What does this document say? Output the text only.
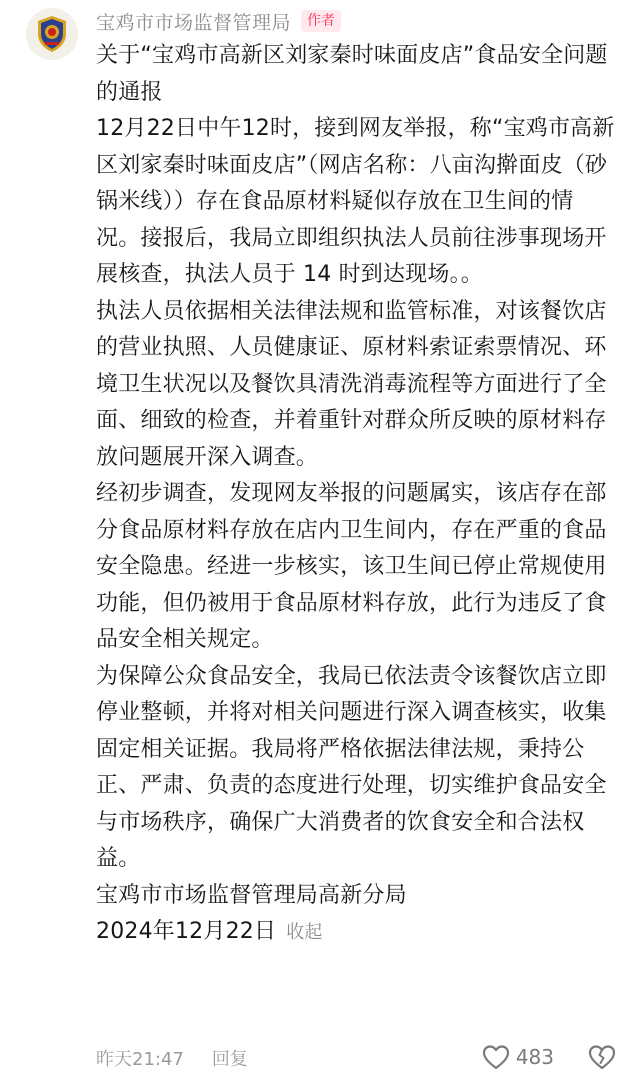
宝鸡市市场监督管理局	作者

关于“宝鸡市高新区刘家秦时味面皮店”食品安全问题的通报

12月22日中午12时，接到网友举报，称“宝鸡市高新区刘家秦时味面皮店”（网店名称：八亩沟擀面皮（砂锅米线））存在食品原材料疑似存放在卫生间的情况。接报后，我局立即组织执法人员前往涉事现场开展核查，执法人员于 14 时到达现场。。

执法人员依据相关法律法规和监管标准，对该餐饮店的营业执照、人员健康证、原材料索证索票情况、环境卫生状况以及餐饮具清洗消毒流程等方面进行了全面、细致的检查，并着重针对群众所反映的原材料存放问题展开深入调查。

经初步调查，发现网友举报的问题属实，该店存在部分食品原材料存放在店内卫生间内，存在严重的食品安全隐患。经进一步核实，该卫生间已停止常规使用功能，但仍被用于食品原材料存放，此行为违反了食品安全相关规定。

为保障公众食品安全，我局已依法责令该餐饮店立即停业整顿，并将对相关问题进行深入调查核实，收集固定相关证据。我局将严格依据法律法规，秉持公正、严肃、负责的态度进行处理，切实维护食品安全与市场秩序，确保广大消费者的饮食安全和合法权益。

宝鸡市市场监督管理局高新分局

2024年12月22日 收起

昨天21:47 回复	483
